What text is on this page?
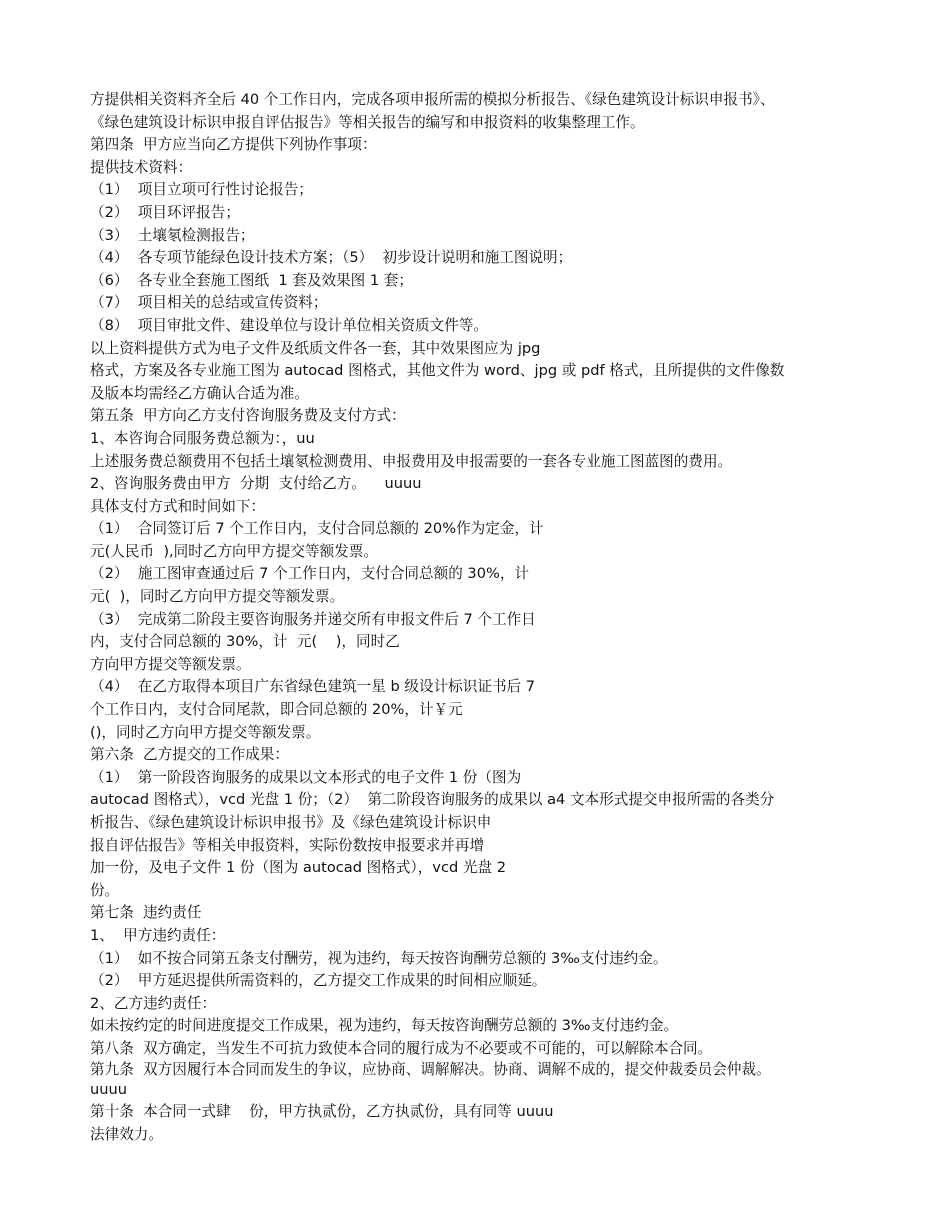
方提供相关资料齐全后 40 个工作日内，完成各项申报所需的模拟分析报告、《绿色建筑设计标识申报书》、
《绿色建筑设计标识申报自评估报告》等相关报告的编写和申报资料的收集整理工作。
第四条  甲方应当向乙方提供下列协作事项：
提供技术资料：
（1）  项目立项可行性讨论报告；
（2）  项目环评报告；
（3）  土壤氡检测报告；
（4）  各专项节能绿色设计技术方案；（5）  初步设计说明和施工图说明；
（6）  各专业全套施工图纸  1 套及效果图 1 套；
（7）  项目相关的总结或宣传资料；
（8）  项目审批文件、建设单位与设计单位相关资质文件等。
以上资料提供方式为电子文件及纸质文件各一套，其中效果图应为 jpg
格式，方案及各专业施工图为 autocad 图格式，其他文件为 word、jpg 或 pdf 格式，且所提供的文件像数
及版本均需经乙方确认合适为准。
第五条  甲方向乙方支付咨询服务费及支付方式：
1、本咨询合同服务费总额为：，uu
上述服务费总额费用不包括土壤氡检测费用、申报费用及申报需要的一套各专业施工图蓝图的费用。
2、咨询服务费由甲方  分期  支付给乙方。    uuuu
具体支付方式和时间如下：
（1）  合同签订后 7 个工作日内，支付合同总额的 20%作为定金，计
元(人民币  ),同时乙方向甲方提交等额发票。
（2）  施工图审查通过后 7 个工作日内，支付合同总额的 30%，计
元(  )，同时乙方向甲方提交等额发票。
（3）  完成第二阶段主要咨询服务并递交所有申报文件后 7 个工作日
内，支付合同总额的 30%，计  元(    )，同时乙
方向甲方提交等额发票。
（4）  在乙方取得本项目广东省绿色建筑一星 b 级设计标识证书后 7
个工作日内，支付合同尾款，即合同总额的 20%，计￥元
()，同时乙方向甲方提交等额发票。
第六条  乙方提交的工作成果：
（1）  第一阶段咨询服务的成果以文本形式的电子文件 1 份（图为
autocad 图格式），vcd 光盘 1 份；（2）  第二阶段咨询服务的成果以 a4 文本形式提交申报所需的各类分
析报告、《绿色建筑设计标识申报书》及《绿色建筑设计标识申
报自评估报告》等相关申报资料，实际份数按申报要求并再增
加一份，及电子文件 1 份（图为 autocad 图格式），vcd 光盘 2
份。
第七条  违约责任
1、  甲方违约责任：
（1）  如不按合同第五条支付酬劳，视为违约，每天按咨询酬劳总额的 3‰支付违约金。
（2）  甲方延迟提供所需资料的，乙方提交工作成果的时间相应顺延。
2、乙方违约责任：
如未按约定的时间进度提交工作成果，视为违约，每天按咨询酬劳总额的 3‰支付违约金。
第八条  双方确定，当发生不可抗力致使本合同的履行成为不必要或不可能的，可以解除本合同。
第九条  双方因履行本合同而发生的争议，应协商、调解解决。协商、调解不成的，提交仲裁委员会仲裁。
uuuu
第十条  本合同一式肆    份，甲方执贰份，乙方执贰份，具有同等 uuuu
法律效力。
